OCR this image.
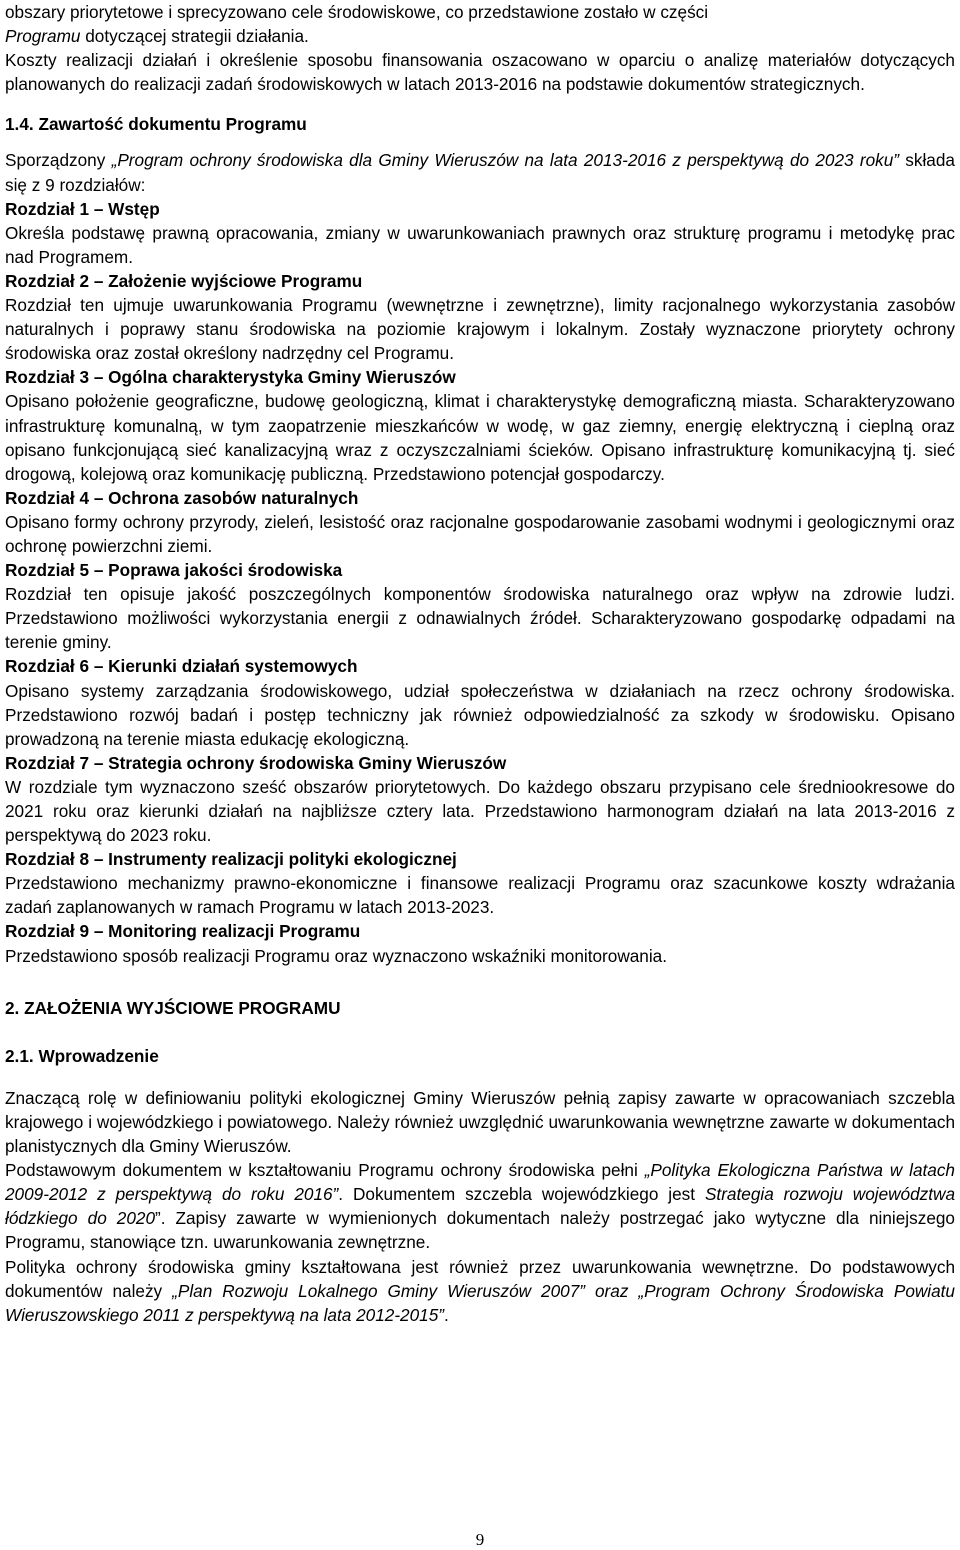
obszary priorytetowe i sprecyzowano cele środowiskowe, co przedstawione zostało w części
Programu dotyczącej strategii działania.

Koszty realizacji działań i określenie sposobu finansowania oszacowano w oparciu o analizę materiałów dotyczących planowanych do realizacji zadań środowiskowych w latach 2013-2016 na podstawie dokumentów strategicznych.

1.4. Zawartość dokumentu Programu

Sporządzony „Program ochrony środowiska dla Gminy Wieruszów na lata 2013-2016 z perspektywą do 2023 roku” składa się z 9 rozdziałów:

Rozdział 1 – Wstęp

Określa podstawę prawną opracowania, zmiany w uwarunkowaniach prawnych oraz strukturę programu i metodykę prac nad Programem.

Rozdział 2 – Założenie wyjściowe Programu

Rozdział ten ujmuje uwarunkowania Programu (wewnętrzne i zewnętrzne), limity racjonalnego wykorzystania zasobów naturalnych i poprawy stanu środowiska na poziomie krajowym i lokalnym. Zostały wyznaczone priorytety ochrony środowiska oraz został określony nadrzędny cel Programu.

Rozdział 3 – Ogólna charakterystyka Gminy Wieruszów

Opisano położenie geograficzne, budowę geologiczną, klimat i charakterystykę demograficzną miasta. Scharakteryzowano infrastrukturę komunalną, w tym zaopatrzenie mieszkańców w wodę, w gaz ziemny, energię elektryczną i cieplną oraz opisano funkcjonującą sieć kanalizacyjną wraz z oczyszczalniami ścieków. Opisano infrastrukturę komunikacyjną tj. sieć drogową, kolejową oraz komunikację publiczną. Przedstawiono potencjał gospodarczy.

Rozdział 4 – Ochrona zasobów naturalnych

Opisano formy ochrony przyrody, zieleń, lesistość oraz racjonalne gospodarowanie zasobami wodnymi i geologicznymi oraz ochronę powierzchni ziemi.

Rozdział 5 – Poprawa jakości środowiska

Rozdział ten opisuje jakość poszczególnych komponentów środowiska naturalnego oraz wpływ na zdrowie ludzi. Przedstawiono możliwości wykorzystania energii z odnawialnych źródeł. Scharakteryzowano gospodarkę odpadami na terenie gminy.

Rozdział 6 – Kierunki działań systemowych

Opisano systemy zarządzania środowiskowego, udział społeczeństwa w działaniach na rzecz ochrony środowiska. Przedstawiono rozwój badań i postęp techniczny jak również odpowiedzialność za szkody w środowisku. Opisano prowadzoną na terenie miasta edukację ekologiczną.

Rozdział 7 – Strategia ochrony środowiska Gminy Wieruszów

W rozdziale tym wyznaczono sześć obszarów priorytetowych. Do każdego obszaru przypisano cele średniookresowe do 2021 roku oraz kierunki działań na najbliższe cztery lata. Przedstawiono harmonogram działań na lata 2013-2016 z perspektywą do 2023 roku.

Rozdział 8 – Instrumenty realizacji polityki ekologicznej

Przedstawiono mechanizmy prawno-ekonomiczne i finansowe realizacji Programu oraz szacunkowe koszty wdrażania zadań zaplanowanych w ramach Programu w latach 2013-2023.

Rozdział 9 – Monitoring realizacji Programu

Przedstawiono sposób realizacji Programu oraz wyznaczono wskaźniki monitorowania.

2. ZAŁOŻENIA WYJŚCIOWE PROGRAMU
2.1. Wprowadzenie

Znaczącą rolę w definiowaniu polityki ekologicznej Gminy Wieruszów pełnią zapisy zawarte w opracowaniach szczebla krajowego i wojewódzkiego i powiatowego. Należy również uwzględnić uwarunkowania wewnętrzne zawarte w dokumentach planistycznych dla Gminy Wieruszów.

Podstawowym dokumentem w kształtowaniu Programu ochrony środowiska pełni „Polityka Ekologiczna Państwa w latach 2009-2012 z perspektywą do roku 2016”. Dokumentem szczebla wojewódzkiego jest Strategia rozwoju województwa łódzkiego do 2020”. Zapisy zawarte w wymienionych dokumentach należy postrzegać jako wytyczne dla niniejszego Programu, stanowiące tzn. uwarunkowania zewnętrzne.

Polityka ochrony środowiska gminy kształtowana jest również przez uwarunkowania wewnętrzne. Do podstawowych dokumentów należy „Plan Rozwoju Lokalnego Gminy Wieruszów 2007” oraz „Program Ochrony Środowiska Powiatu Wieruszowskiego 2011 z perspektywą na lata 2012-2015”.

9
